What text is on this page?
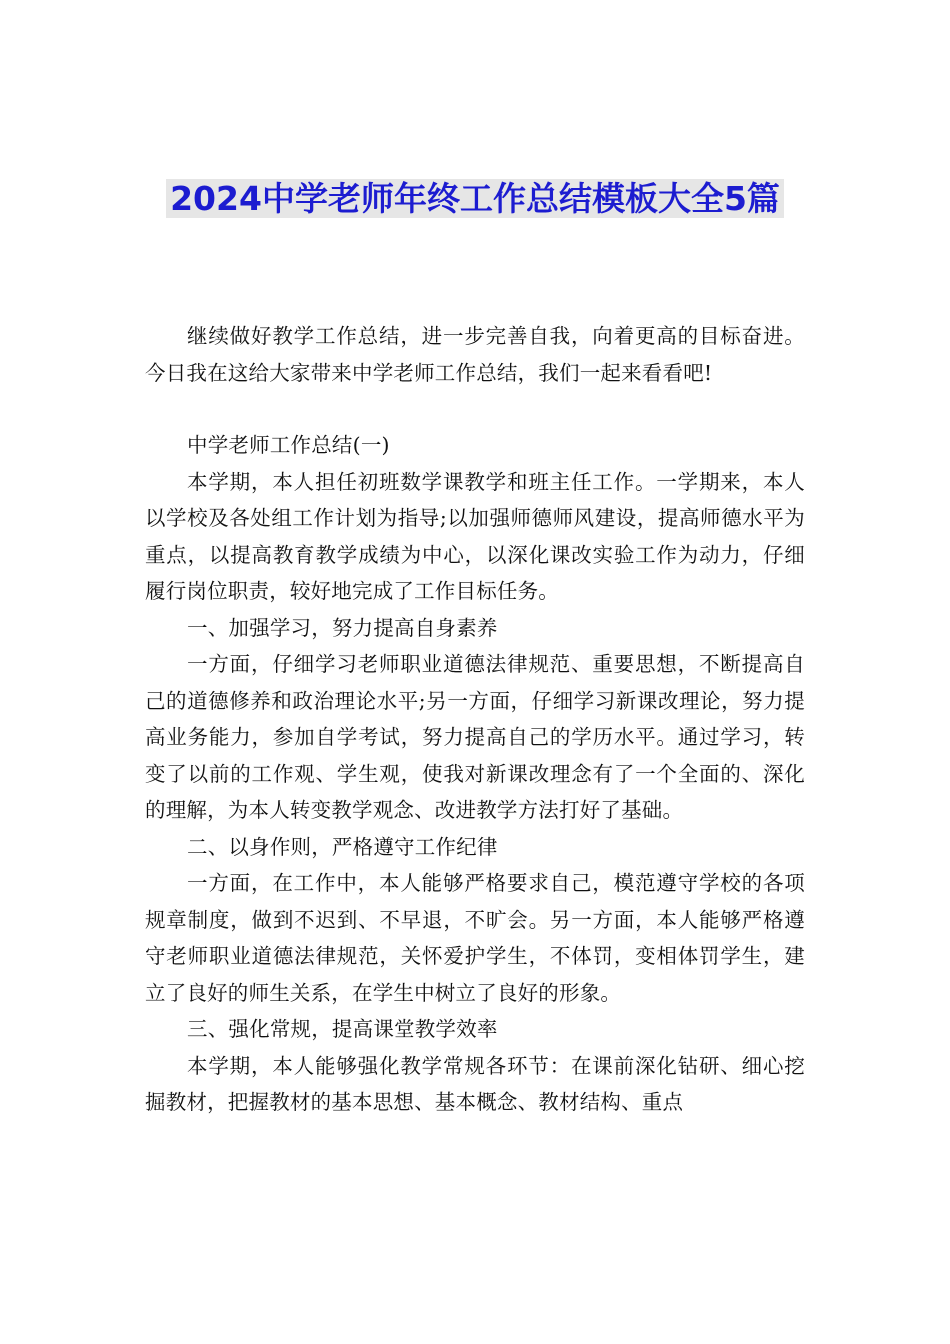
2024中学老师年终工作总结模板大全5篇

继续做好教学工作总结，进一步完善自我，向着更高的目标奋进。今日我在这给大家带来中学老师工作总结，我们一起来看看吧!

中学老师工作总结(一)

本学期，本人担任初班数学课教学和班主任工作。一学期来，本人以学校及各处组工作计划为指导;以加强师德师风建设，提高师德水平为重点，以提高教育教学成绩为中心，以深化课改实验工作为动力，仔细履行岗位职责，较好地完成了工作目标任务。

一、加强学习，努力提高自身素养

一方面，仔细学习老师职业道德法律规范、重要思想，不断提高自己的道德修养和政治理论水平;另一方面，仔细学习新课改理论，努力提高业务能力，参加自学考试，努力提高自己的学历水平。通过学习，转变了以前的工作观、学生观，使我对新课改理念有了一个全面的、深化的理解，为本人转变教学观念、改进教学方法打好了基础。

二、以身作则，严格遵守工作纪律

一方面，在工作中，本人能够严格要求自己，模范遵守学校的各项规章制度，做到不迟到、不早退，不旷会。另一方面，本人能够严格遵守老师职业道德法律规范，关怀爱护学生，不体罚，变相体罚学生，建立了良好的师生关系，在学生中树立了良好的形象。

三、强化常规，提高课堂教学效率

本学期，本人能够强化教学常规各环节：在课前深化钻研、细心挖掘教材，把握教材的基本思想、基本概念、教材结构、重点
